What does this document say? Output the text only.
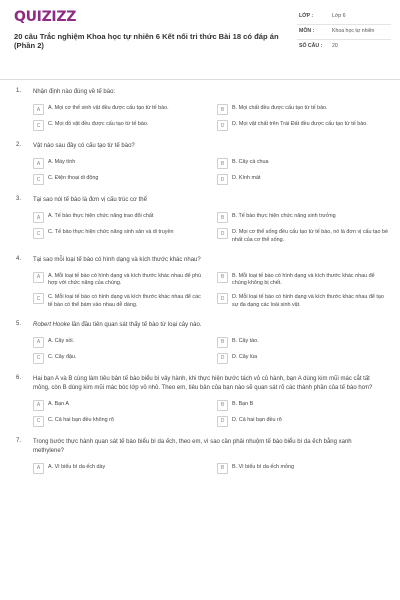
QUIZIZZ
20 câu Trắc nghiệm Khoa học tự nhiên 6 Kết nối tri thức Bài 18 có đáp án (Phần 2)
LỚP :	Lớp 6
MÔN :	Khoa học tự nhiên
SỐ CÂU :	20
1. Nhận định nào đúng về tế bào:
A	A. Mọi cơ thể sinh vật đều được cấu tạo từ tế bào.	B	B. Mọi chất đều được cấu tạo từ tế bào.
C	C. Mọi đồ vật đều được cấu tạo từ tế bào.	D	D. Mọi vật chất trên Trái Đất đều được cấu tạo từ tế bào.
2. Vật nào sau đây có cấu tạo từ tế bào?
A	A. Máy tính	B	B. Cây cà chua
C	C. Điện thoại di động	D	D. Kính mát
3. Tại sao nói tế bào là đơn vị cấu trúc cơ thể
A	A. Tế bào thực hiện chức năng trao đổi chất	B	B. Tế bào thực hiện chức năng sinh trưởng
C	C. Tế bào thực hiện chức năng sinh sản và di truyền	D	D. Mọi cơ thể sống đều cấu tạo từ tế bào, nó là đơn vị cấu tạo bé nhất của cơ thể sống.
4. Tại sao mỗi loại tế bào có hình dạng và kích thước khác nhau?
A	A. Mỗi loại tế bào có hình dạng và kích thước khác nhau để phù hợp với chức năng của chúng.
B	B. Mỗi loại tế bào có hình dạng và kích thước khác nhau để chúng không bị chết.
C	C. Mỗi loại tế bào có hình dạng và kích thước khác nhau để các tế bào có thể bám vào nhau dễ dàng.
D	D. Mỗi loại tế bào có hình dạng và kích thước khác nhau để tạo sự đa dạng các loài sinh vật.
5. Robert Hooke lần đầu tiên quan sát thấy tế bào từ loại cây nào.
A	A. Cây sồi.	B	B. Cây táo.
C	C. Cây đậu.	D	D. Cây lúa
6. Hai bạn A và B cùng làm tiêu bản tế bào biểu bì vảy hành, khi thực hiện bước tách vỏ củ hành, bạn A dùng kim mũi mác cắt tất mỏng, còn B dùng kim mũi mác bóc lớp vỏ nhỏ. Theo em, tiêu bản của bạn nào sẽ quan sát rõ các thành phần của tế bào hơn?
A	A. Bạn A	B	B. Bạn B
C	C. Cả hai bạn đều không rõ	D	D. Cả hai bạn đều rõ
7. Trong bước thực hành quan sát tế bào biểu bì da ếch, theo em, vì sao cần phải nhuộm tế bào biểu bì da ếch bằng xanh methylene?
A	A. Vì biểu bì da ếch dày	B	B. Vì biểu bì da ếch mỏng
